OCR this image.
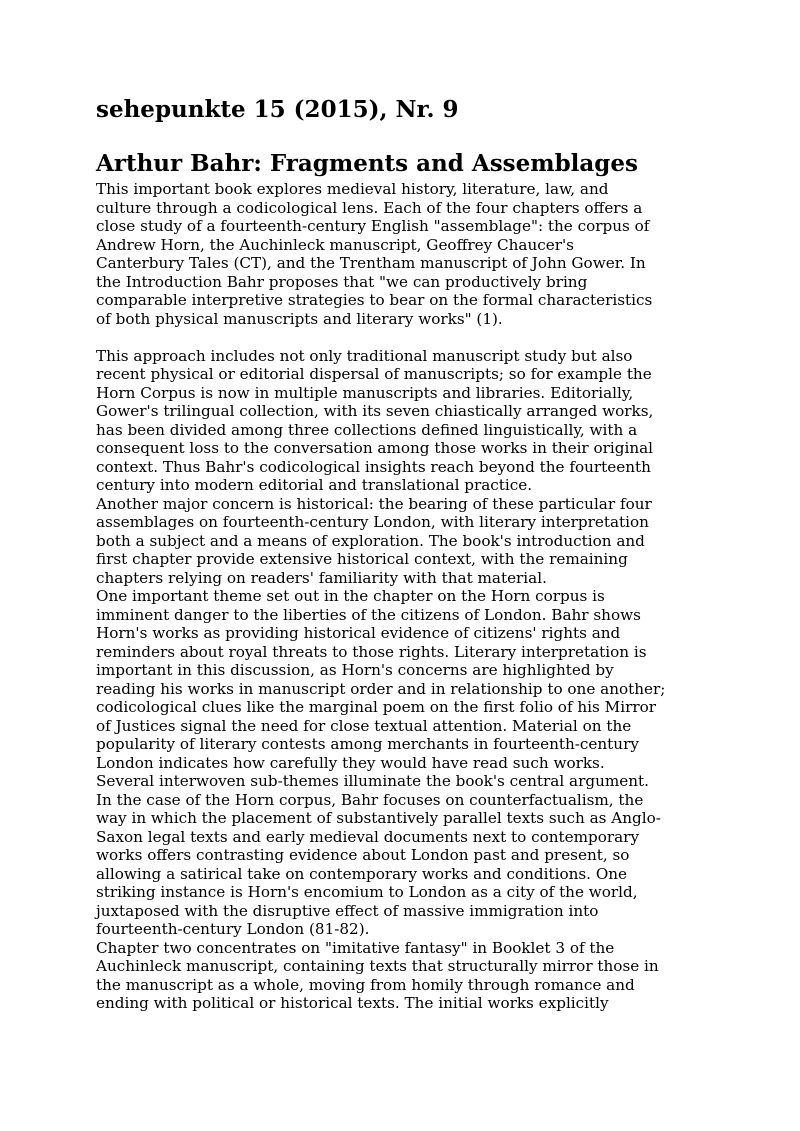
sehepunkte 15 (2015), Nr. 9
Arthur Bahr: Fragments and Assemblages
This important book explores medieval history, literature, law, and
culture through a codicological lens. Each of the four chapters offers a
close study of a fourteenth-century English "assemblage": the corpus of
Andrew Horn, the Auchinleck manuscript, Geoffrey Chaucer's
Canterbury Tales (CT), and the Trentham manuscript of John Gower. In
the Introduction Bahr proposes that "we can productively bring
comparable interpretive strategies to bear on the formal characteristics
of both physical manuscripts and literary works" (1).
This approach includes not only traditional manuscript study but also
recent physical or editorial dispersal of manuscripts; so for example the
Horn Corpus is now in multiple manuscripts and libraries. Editorially,
Gower's trilingual collection, with its seven chiastically arranged works,
has been divided among three collections defined linguistically, with a
consequent loss to the conversation among those works in their original
context. Thus Bahr's codicological insights reach beyond the fourteenth
century into modern editorial and translational practice.
Another major concern is historical: the bearing of these particular four
assemblages on fourteenth-century London, with literary interpretation
both a subject and a means of exploration. The book's introduction and
first chapter provide extensive historical context, with the remaining
chapters relying on readers' familiarity with that material.
One important theme set out in the chapter on the Horn corpus is
imminent danger to the liberties of the citizens of London. Bahr shows
Horn's works as providing historical evidence of citizens' rights and
reminders about royal threats to those rights. Literary interpretation is
important in this discussion, as Horn's concerns are highlighted by
reading his works in manuscript order and in relationship to one another;
codicological clues like the marginal poem on the first folio of his Mirror
of Justices signal the need for close textual attention. Material on the
popularity of literary contests among merchants in fourteenth-century
London indicates how carefully they would have read such works.
Several interwoven sub-themes illuminate the book's central argument.
In the case of the Horn corpus, Bahr focuses on counterfactualism, the
way in which the placement of substantively parallel texts such as Anglo-
Saxon legal texts and early medieval documents next to contemporary
works offers contrasting evidence about London past and present, so
allowing a satirical take on contemporary works and conditions. One
striking instance is Horn's encomium to London as a city of the world,
juxtaposed with the disruptive effect of massive immigration into
fourteenth-century London (81-82).
Chapter two concentrates on "imitative fantasy" in Booklet 3 of the
Auchinleck manuscript, containing texts that structurally mirror those in
the manuscript as a whole, moving from homily through romance and
ending with political or historical texts. The initial works explicitly
